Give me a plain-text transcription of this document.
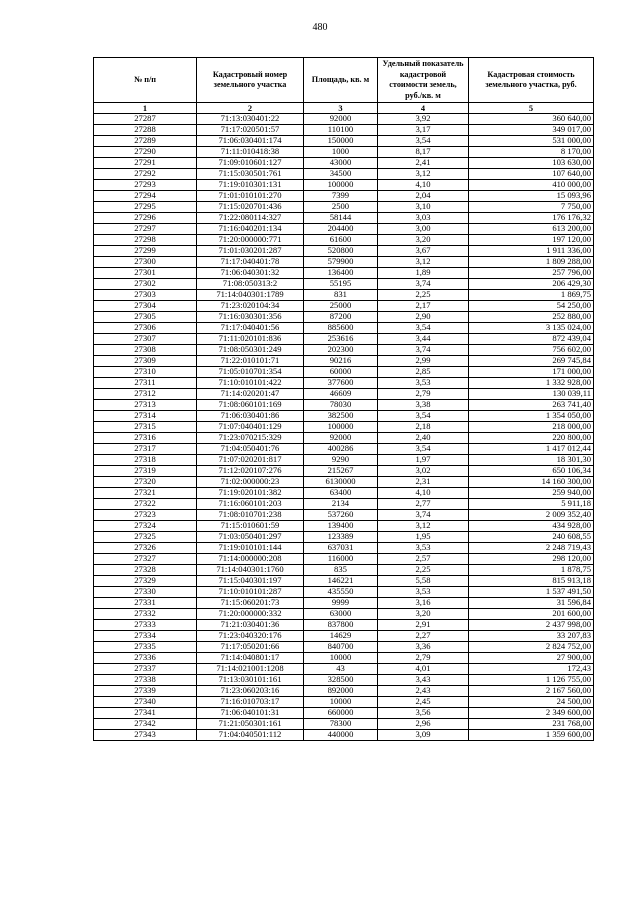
480
№ п/п	Кадастровый номер земельного участка	Площадь, кв. м	Удельный показатель кадастровой стоимости земель, руб./кв. м	Кадастровая стоимость земельного участка, руб.
1	2	3	4	5
27287	71:13:030401:22	92000	3,92	360 640,00
27288	71:17:020501:57	110100	3,17	349 017,00
27289	71:06:030401:174	150000	3,54	531 000,00
27290	71:11:010418:38	1000	8,17	8 170,00
27291	71:09:010601:127	43000	2,41	103 630,00
27292	71:15:030501:761	34500	3,12	107 640,00
27293	71:19:010301:131	100000	4,10	410 000,00
27294	71:01:010101:270	7399	2,04	15 093,96
27295	71:15:020701:436	2500	3,10	7 750,00
27296	71:22:080114:327	58144	3,03	176 176,32
27297	71:16:040201:134	204400	3,00	613 200,00
27298	71:20:000000:771	61600	3,20	197 120,00
27299	71:01:030201:287	520800	3,67	1 911 336,00
27300	71:17:040401:78	579900	3,12	1 809 288,00
27301	71:06:040301:32	136400	1,89	257 796,00
27302	71:08:050313:2	55195	3,74	206 429,30
27303	71:14:040301:1789	831	2,25	1 869,75
27304	71:23:020104:34	25000	2,17	54 250,00
27305	71:16:030301:356	87200	2,90	252 880,00
27306	71:17:040401:56	885600	3,54	3 135 024,00
27307	71:11:020101:836	253616	3,44	872 439,04
27308	71:08:050301:249	202300	3,74	756 602,00
27309	71:22:010101:71	90216	2,99	269 745,84
27310	71:05:010701:354	60000	2,85	171 000,00
27311	71:10:010101:422	377600	3,53	1 332 928,00
27312	71:14:020201:47	46609	2,79	130 039,11
27313	71:08:060101:169	78030	3,38	263 741,40
27314	71:06:030401:86	382500	3,54	1 354 050,00
27315	71:07:040401:129	100000	2,18	218 000,00
27316	71:23:070215:329	92000	2,40	220 800,00
27317	71:04:050401:76	400286	3,54	1 417 012,44
27318	71:07:020201:817	9290	1,97	18 301,30
27319	71:12:020107:276	215267	3,02	650 106,34
27320	71:02:000000:23	6130000	2,31	14 160 300,00
27321	71:19:020101:382	63400	4,10	259 940,00
27322	71:16:060101:203	2134	2,77	5 911,18
27323	71:08:010701:238	537260	3,74	2 009 352,40
27324	71:15:010601:59	139400	3,12	434 928,00
27325	71:03:050401:297	123389	1,95	240 608,55
27326	71:19:010101:144	637031	3,53	2 248 719,43
27327	71:14:000000:208	116000	2,57	298 120,00
27328	71:14:040301:1760	835	2,25	1 878,75
27329	71:15:040301:197	146221	5,58	815 913,18
27330	71:10:010101:287	435550	3,53	1 537 491,50
27331	71:15:060201:73	9999	3,16	31 596,84
27332	71:20:000000:332	63000	3,20	201 600,00
27333	71:21:030401:36	837800	2,91	2 437 998,00
27334	71:23:040320:176	14629	2,27	33 207,83
27335	71:17:050201:66	840700	3,36	2 824 752,00
27336	71:14:040801:17	10000	2,79	27 900,00
27337	71:14:021001:1208	43	4,01	172,43
27338	71:13:030101:161	328500	3,43	1 126 755,00
27339	71:23:060203:16	892000	2,43	2 167 560,00
27340	71:16:010703:17	10000	2,45	24 500,00
27341	71:06:040101:31	660000	3,56	2 349 600,00
27342	71:21:050301:161	78300	2,96	231 768,00
27343	71:04:040501:112	440000	3,09	1 359 600,00
